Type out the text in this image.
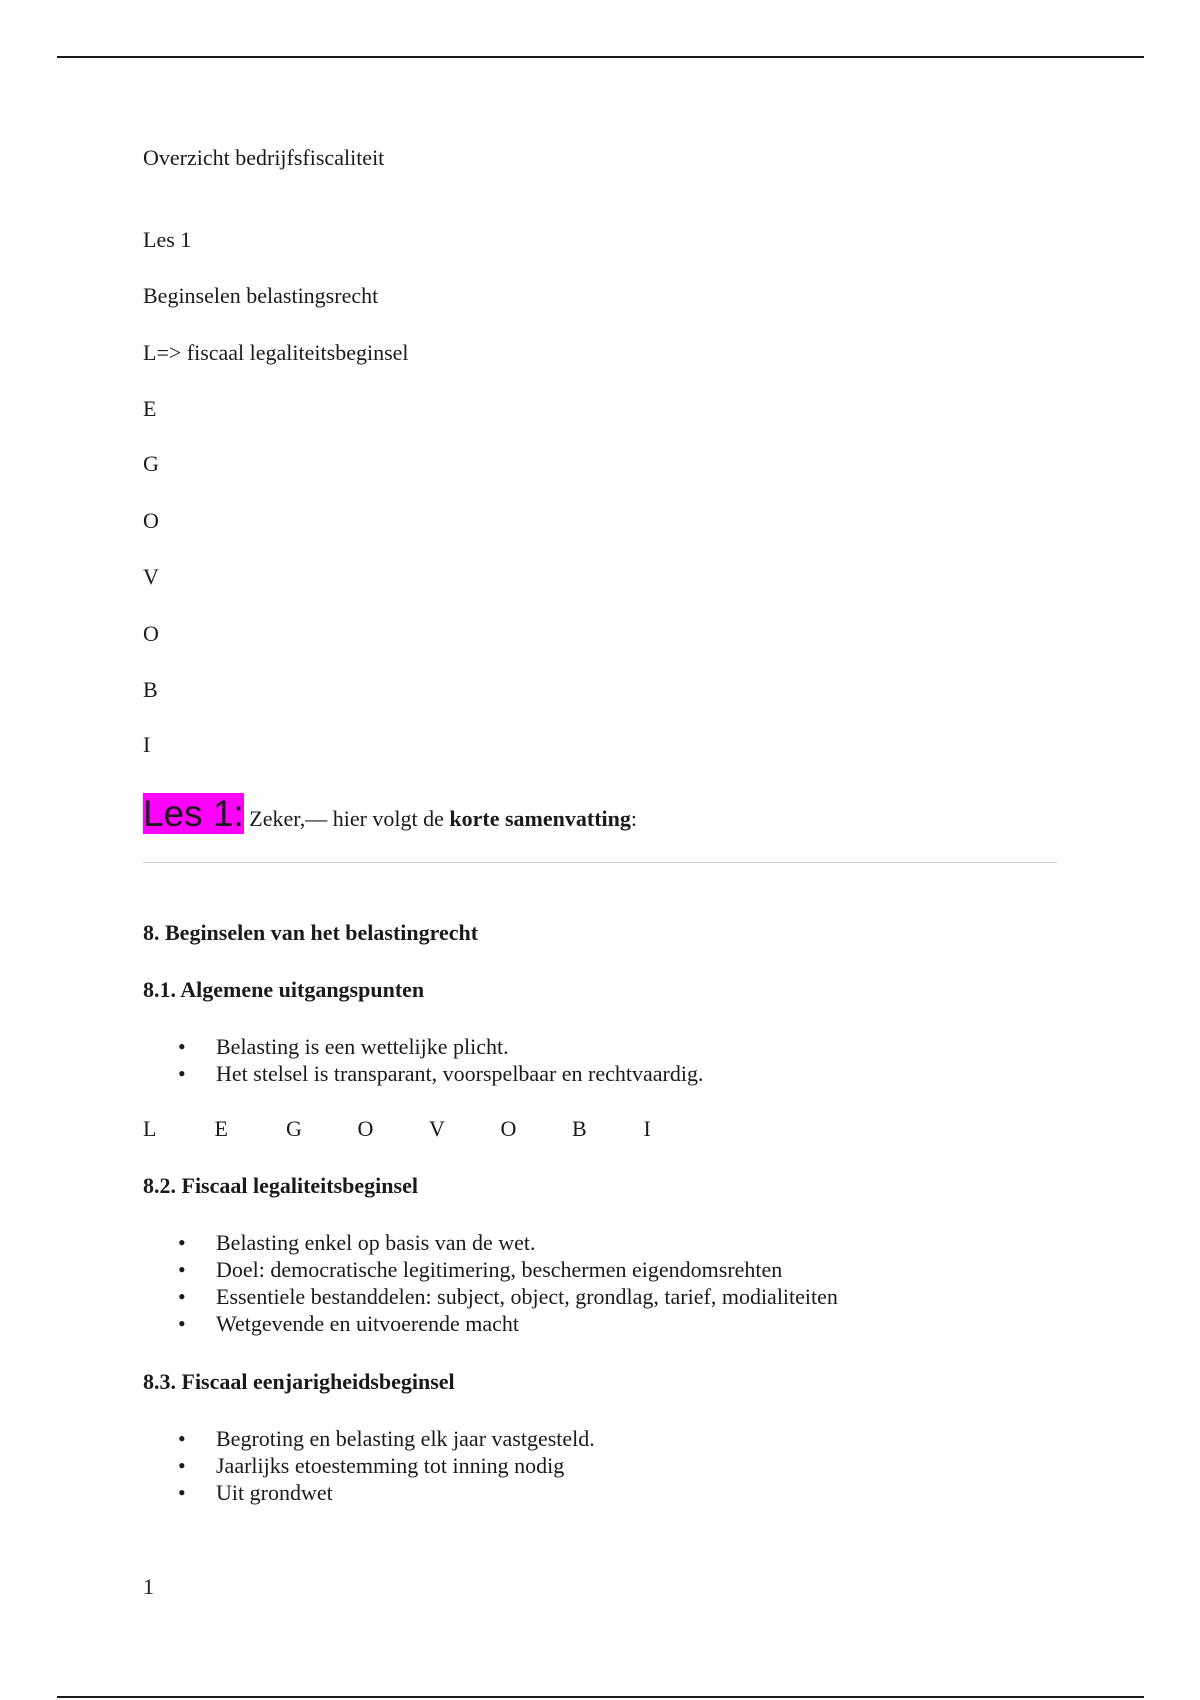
Overzicht bedrijfsfiscaliteit
Les 1
Beginselen belastingsrecht
L=> fiscaal legaliteitsbeginsel
E
G
O
V
O
B
I
Les 1: Zeker,— hier volgt de korte samenvatting:
8. Beginselen van het belastingrecht
8.1. Algemene uitgangspunten
• Belasting is een wettelijke plicht.
• Het stelsel is transparant, voorspelbaar en rechtvaardig.
L	E	G	O	V	O	B	I
8.2. Fiscaal legaliteitsbeginsel
• Belasting enkel op basis van de wet.
• Doel: democratische legitimering, beschermen eigendomsrehten
• Essentiele bestanddelen: subject, object, grondlag, tarief, modialiteiten
• Wetgevende en uitvoerende macht
8.3. Fiscaal eenjarigheidsbeginsel
• Begroting en belasting elk jaar vastgesteld.
• Jaarlijks etoestemming tot inning nodig
• Uit grondwet
1
